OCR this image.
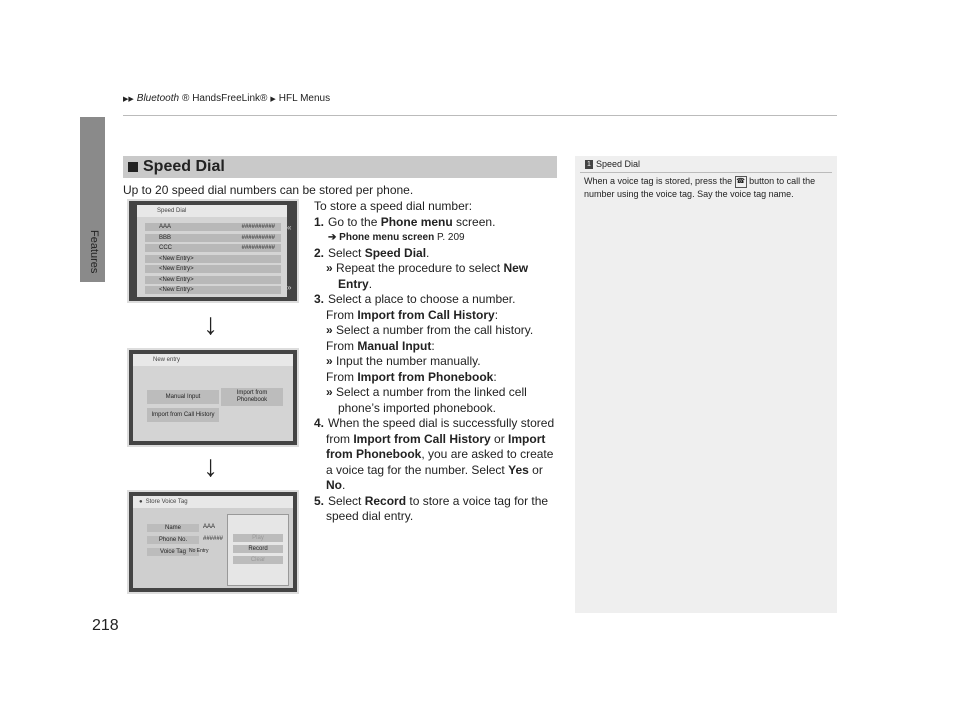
▶▶ Bluetooth ® HandsFreeLink® ▶ HFL Menus
Features
218
Speed Dial
Up to 20 speed dial numbers can be stored per phone.

To store a speed dial number:

1. Go to the Phone menu screen.

➔ Phone menu screen P. 209

2. Select Speed Dial.

» Repeat the procedure to select New

Entry.

3. Select a place to choose a number.

From Import from Call History:

» Select a number from the call history.

From Manual Input:

» Input the number manually.

From Import from Phonebook:

» Select a number from the linked cell

phone’s imported phonebook.

4. When the speed dial is successfully stored

from Import from Call History or Import

from Phonebook, you are asked to create

a voice tag for the number. Select Yes or

No.

5. Select Record to store a voice tag for the

speed dial entry.

1 Speed Dial
When a voice tag is stored, press the ☎ button to call the number using the voice tag. Say the voice tag name.
Speed Dial
AAA	##########
BBB	##########
CCC	##########
<New Entry>
<New Entry>
<New Entry>
<New Entry>
«
»
↓
New entry
Manual Input
Import from Phonebook
Import from Call History
↓
● Store Voice Tag
Name	AAA
Phone No.	######
Voice Tag No Entry
Play
Record
Clear
